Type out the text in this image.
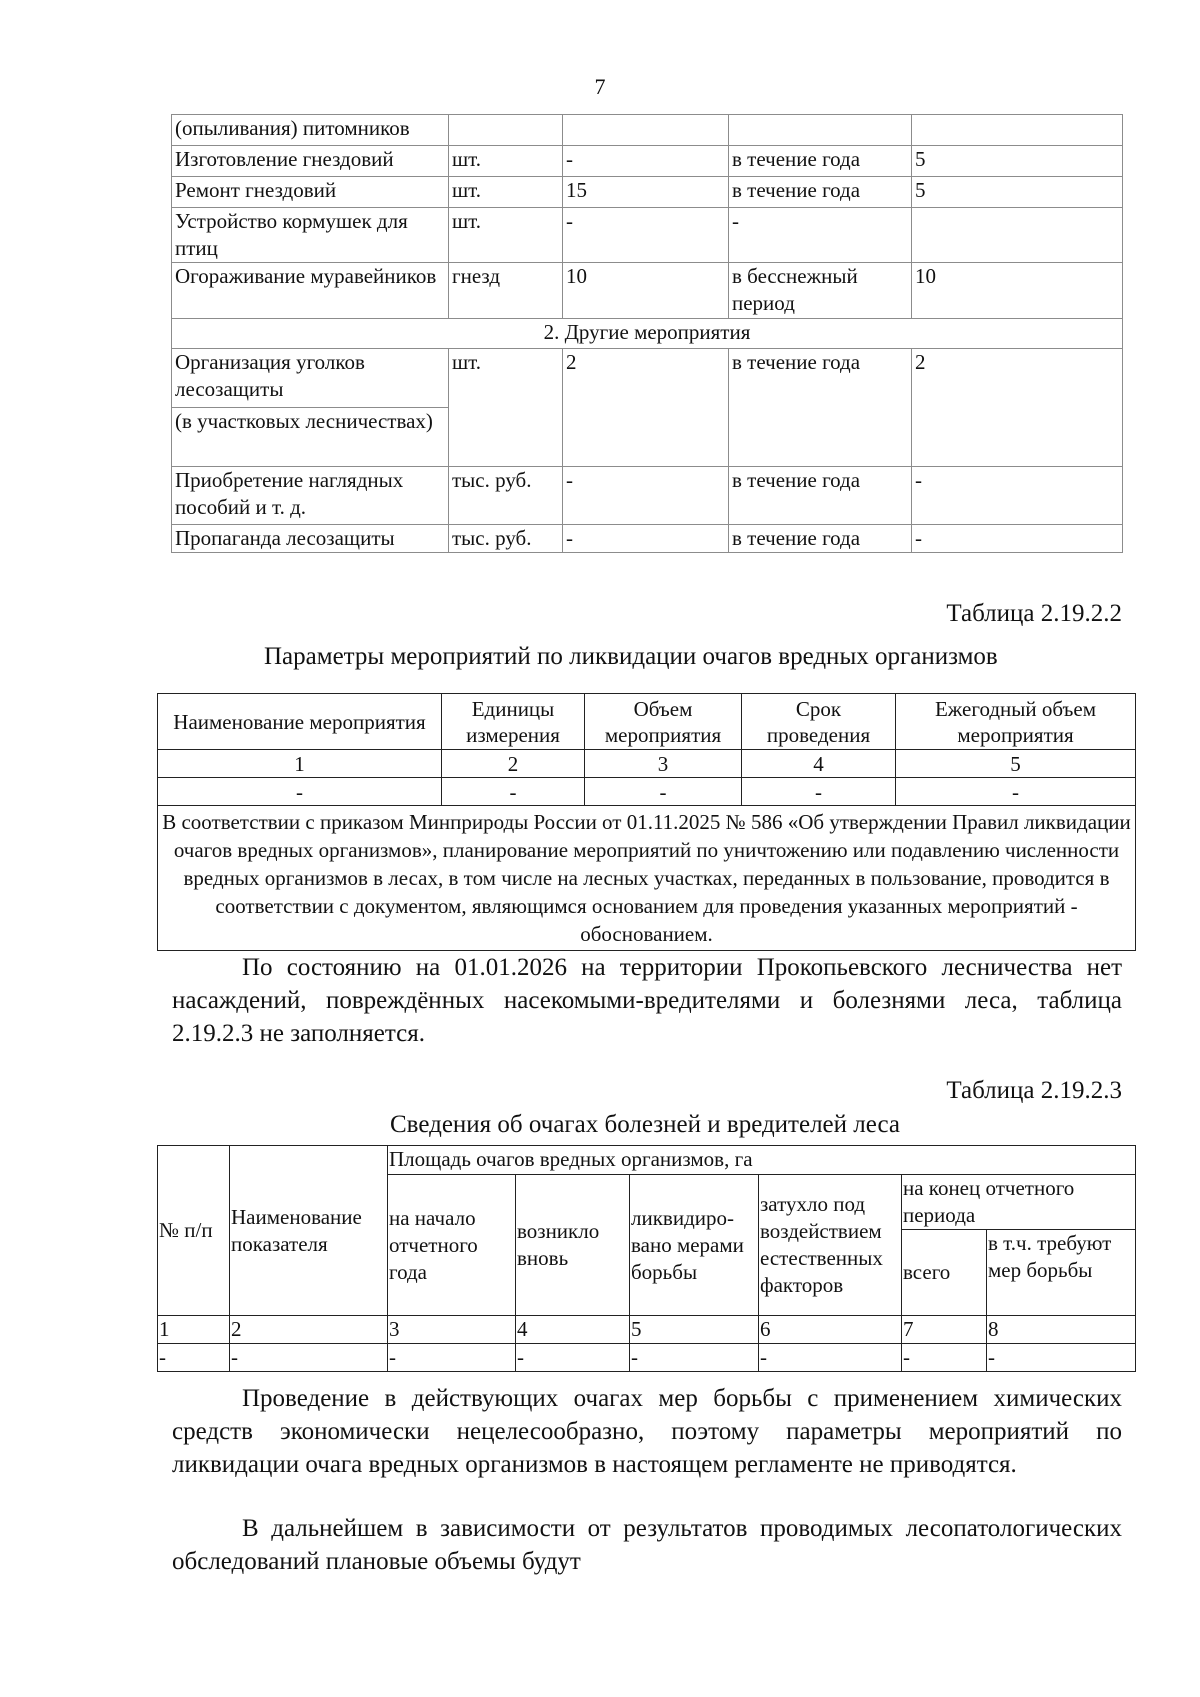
7
(опыливания) питомников				
Изготовление гнездовий	шт.	-	в течение года	5
Ремонт гнездовий	шт.	15	в течение года	5
Устройство кормушек для птиц	шт.	-	-	
Огораживание муравейников	гнезд	10	в бесснежный период	10
2. Другие мероприятия				
Организация уголков лесозащиты	шт.	2	в течение года	2
(в участковых лесничествах)				
Приобретение наглядных пособий и т. д.	тыс. руб.	-	в течение года	-
Пропаганда лесозащиты	тыс. руб.	-	в течение года	-
Таблица 2.19.2.2
Параметры мероприятий по ликвидации очагов вредных организмов
Наименование мероприятия	Единицы измерения	Объем мероприятия	Срок проведения	Ежегодный объем мероприятия
1	2	3	4	5
-	-	-	-	-
В соответствии с приказом Минприроды России от 01.11.2025 № 586 «Об утверждении Правил ликвидации очагов вредных организмов», планирование мероприятий по уничтожению или подавлению численности вредных организмов в лесах, в том числе на лесных участках, переданных в пользование, проводится в соответствии с документом, являющимся основанием для проведения указанных мероприятий - обоснованием.				
По состоянию на 01.01.2026 на территории Прокопьевского лесничества нет насаждений, повреждённых насекомыми-вредителями и болезнями леса, таблица 2.19.2.3 не заполняется.
Таблица 2.19.2.3
Сведения об очагах болезней и вредителей леса
№ п/п	Наименование показателя	Площадь очагов вредных организмов, га					
		на начало отчетного года	возникло вновь	ликвидиро-вано мерами борьбы	затухло под воздействием естественных факторов	на конец отчетного периода	
						всего	в т.ч. требуют мер борьбы
1	2	3	4	5	6	7	8
-	-	-	-	-	-	-	-
Проведение в действующих очагах мер борьбы с применением химических средств экономически нецелесообразно, поэтому параметры мероприятий по ликвидации очага вредных организмов в настоящем регламенте не приводятся.
В дальнейшем в зависимости от результатов проводимых лесопатологических обследований плановые объемы будут
